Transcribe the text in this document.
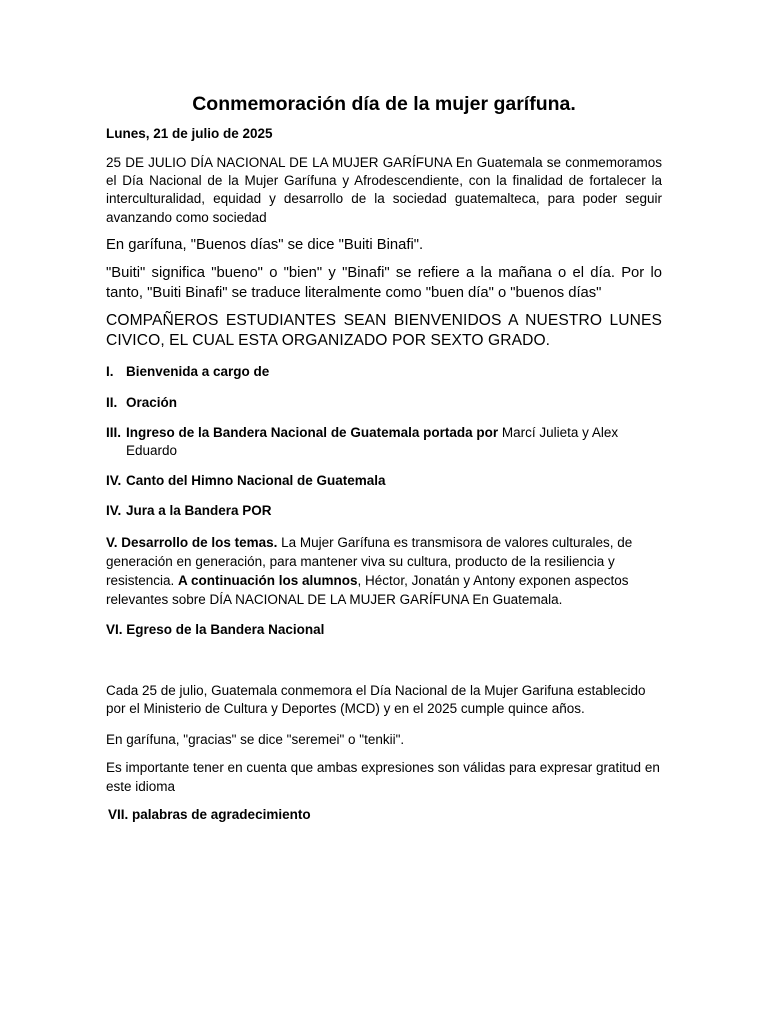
Conmemoración día de la mujer garífuna.
Lunes, 21 de julio de 2025
25 DE JULIO DÍA NACIONAL DE LA MUJER GARÍFUNA En Guatemala se conmemoramos el Día Nacional de la Mujer Garífuna y Afrodescendiente, con la finalidad de fortalecer la interculturalidad, equidad y desarrollo de la sociedad guatemalteca, para poder seguir avanzando como sociedad
En garífuna, "Buenos días" se dice "Buiti Binafi".
"Buiti" significa "bueno" o "bien" y "Binafi" se refiere a la mañana o el día. Por lo tanto, "Buiti Binafi" se traduce literalmente como "buen día" o "buenos días"
COMPAÑEROS ESTUDIANTES SEAN BIENVENIDOS A NUESTRO LUNES CIVICO, EL CUAL ESTA ORGANIZADO POR SEXTO GRADO.
I. Bienvenida a cargo de
II. Oración
III. Ingreso de la Bandera Nacional de Guatemala portada por Marcí Julieta y Alex Eduardo
IV. Canto del Himno Nacional de Guatemala
IV. Jura a la Bandera POR
V. Desarrollo de los temas. La Mujer Garífuna es transmisora de valores culturales, de generación en generación, para mantener viva su cultura, producto de la resiliencia y resistencia. A continuación los alumnos, Héctor, Jonatán y Antony exponen aspectos relevantes sobre DÍA NACIONAL DE LA MUJER GARÍFUNA En Guatemala.
VI.
Egreso de la Bandera Nacional
Cada 25 de julio, Guatemala conmemora el Día Nacional de la Mujer Garifuna establecido por el Ministerio de Cultura y Deportes (MCD) y en el 2025 cumple quince años.
En garífuna, "gracias" se dice "seremei" o "tenkii".
Es importante tener en cuenta que ambas expresiones son válidas para expresar gratitud en este idioma
VII. palabras de agradecimiento
